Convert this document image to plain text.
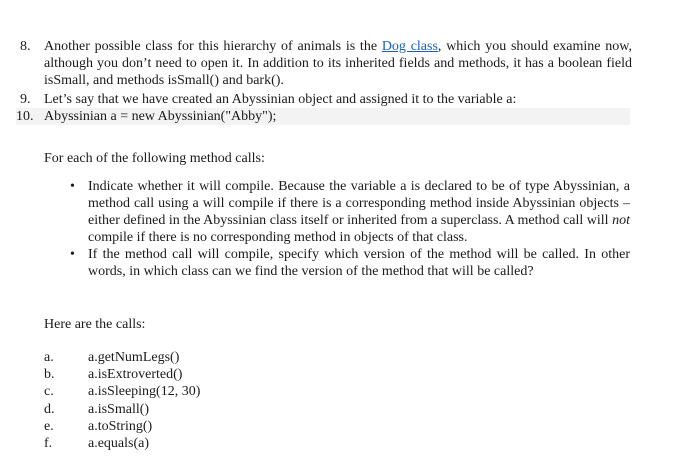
8. Another possible class for this hierarchy of animals is the Dog class, which you should examine now, although you don’t need to open it. In addition to its inherited fields and methods, it has a boolean field isSmall, and methods isSmall() and bark().
9. Let’s say that we have created an Abyssinian object and assigned it to the variable a:
10. Abyssinian a = new Abyssinian("Abby");
For each of the following method calls:
• Indicate whether it will compile. Because the variable a is declared to be of type Abyssinian, a method call using a will compile if there is a corresponding method inside Abyssinian objects – either defined in the Abyssinian class itself or inherited from a superclass. A method call will not compile if there is no corresponding method in objects of that class.
• If the method call will compile, specify which version of the method will be called. In other words, in which class can we find the version of the method that will be called?
Here are the calls:
a.	a.getNumLegs()
b.	a.isExtroverted()
c.	a.isSleeping(12, 30)
d.	a.isSmall()
e.	a.toString()
f.	a.equals(a)
